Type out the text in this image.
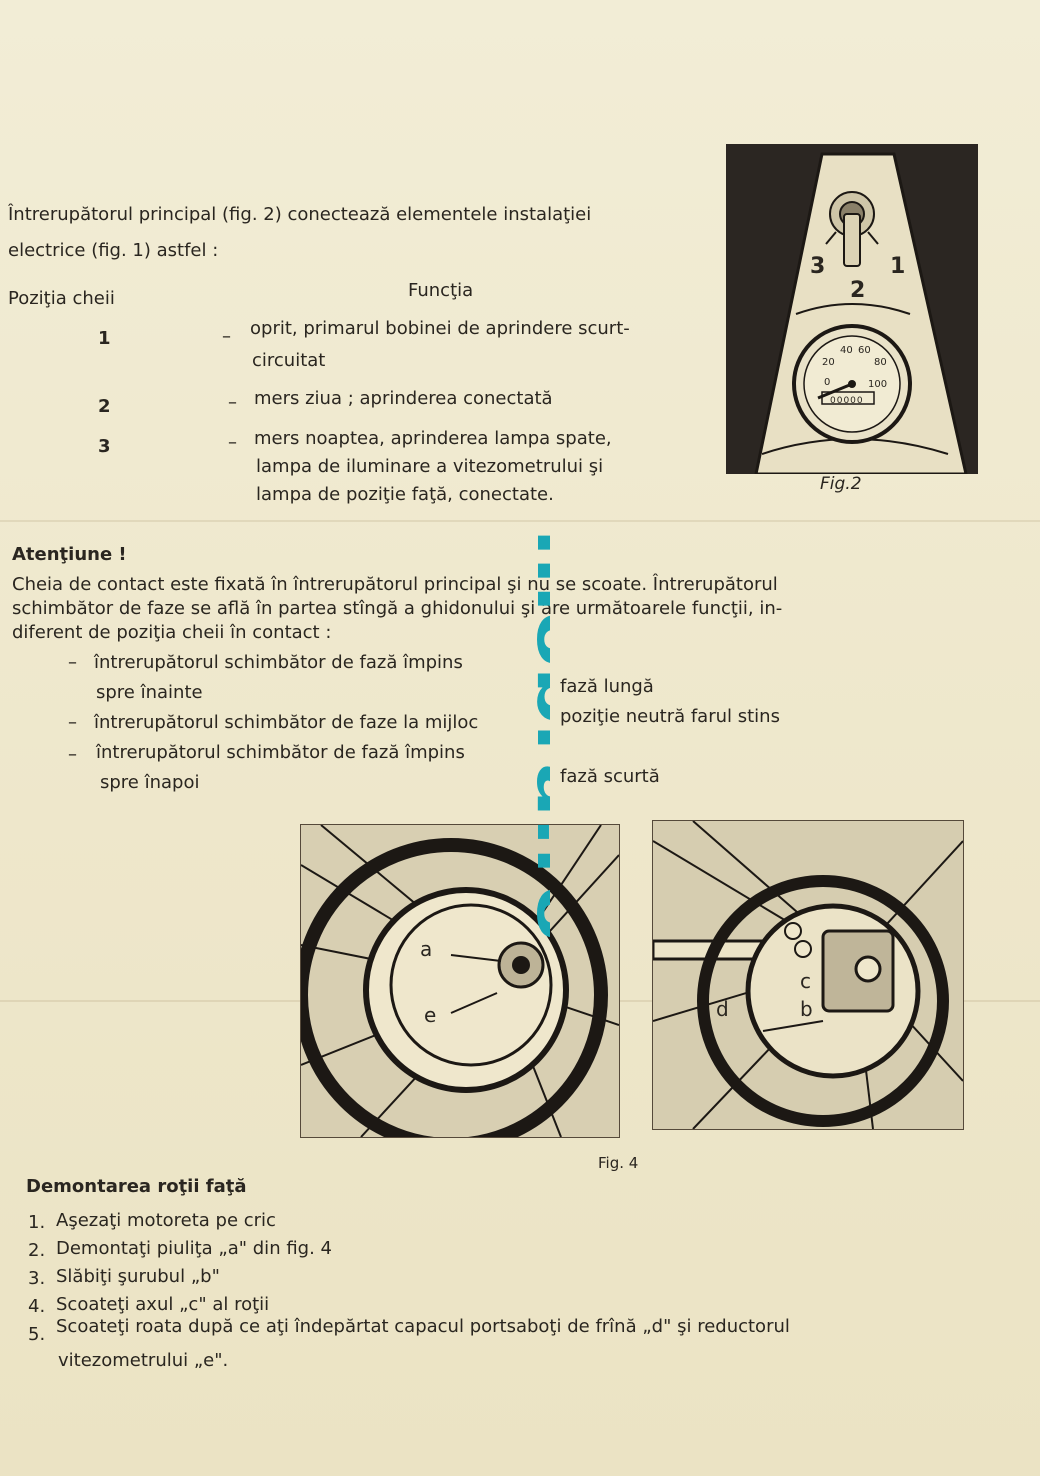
Întrerupătorul principal (fig. 2) conectează elementele instalaţiei
electrice (fig. 1) astfel :
Poziţia cheii	Funcţia
1	– oprit, primarul bobinei de aprindere scurt-
circuitat
2	– mers ziua ; aprinderea conectată
3	– mers noaptea, aprinderea lampa spate,
lampa de iluminare a vitezometrului şi
lampa de poziţie faţă, conectate.
3
2
1
20
40 60
80
0	100
00000
Fig.2
Atenţiune !
Cheia de contact este fixată în întrerupătorul principal şi nu se scoate. Întrerupătorul
schimbător de faze se află în partea stîngă a ghidonului şi are următoarele funcţii, in-
diferent de poziţia cheii în contact :
– întrerupătorul schimbător de fază împins
spre înainte	fază lungă
– întrerupătorul schimbător de faze la mijloc	poziţie neutră farul stins
– întrerupătorul schimbător de fază împins
spre înapoi	fază scurtă
a
e
c
b
d
Fig. 4
Demontarea roţii faţă
1. Aşezaţi motoreta pe cric
2. Demontaţi piuliţa „a" din fig. 4
3. Slăbiţi şurubul „b"
4. Scoateţi axul „c" al roţii
5. Scoateţi roata după ce aţi îndepărtat capacul portsaboţi de frînă „d" şi reductorul
vitezometrului „e".
mobra.ro
